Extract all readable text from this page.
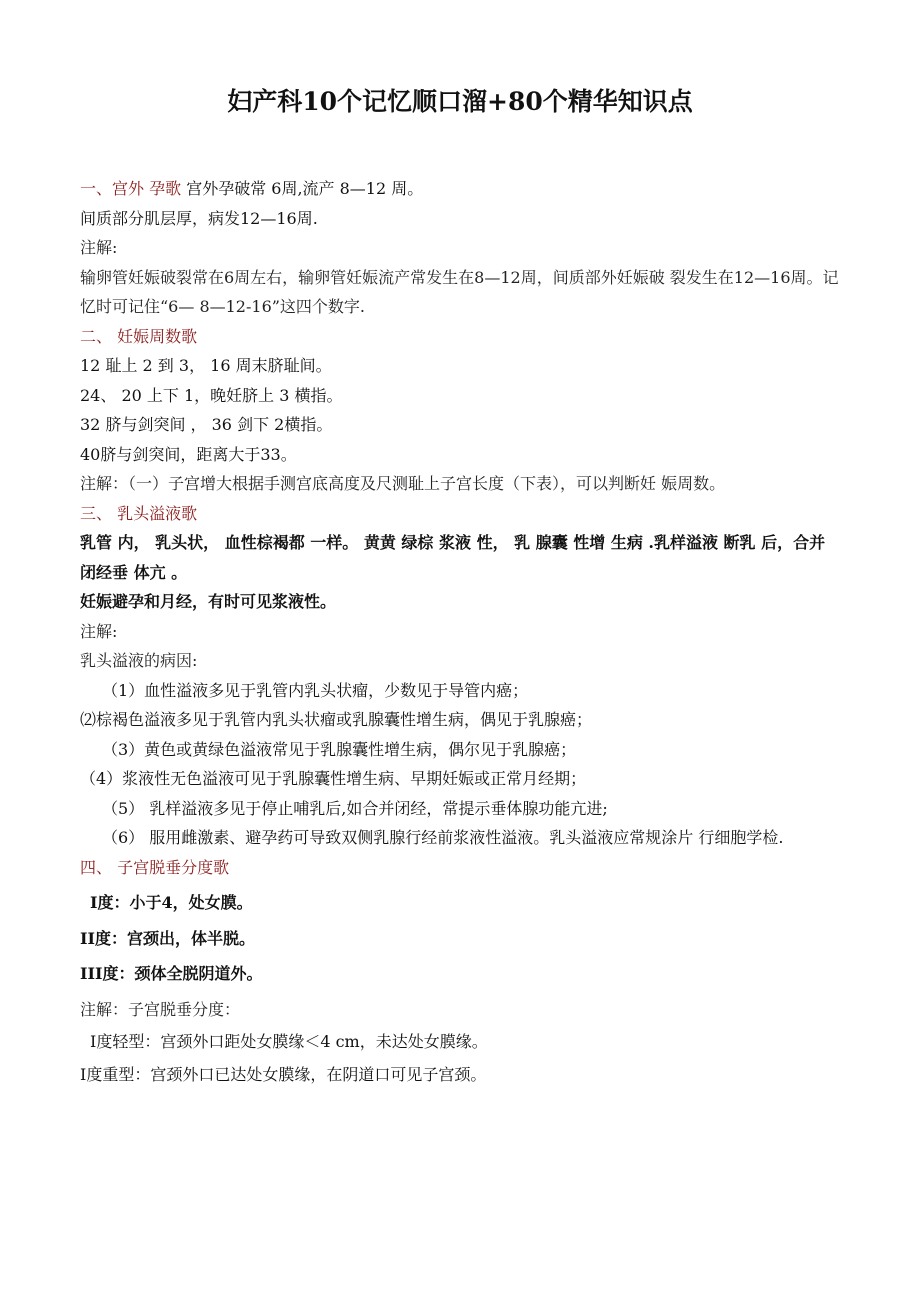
妇产科10个记忆顺口溜+80个精华知识点

一、宫外 孕歌 宫外孕破常 6周,流产 8—12 周。

间质部分肌层厚，病发12—16周.

注解:

输卵管妊娠破裂常在6周左右，输卵管妊娠流产常发生在8—12周，间质部外妊娠破 裂发生在12—16周。记忆时可记住“6— 8—12-16”这四个数字.

二、 妊娠周数歌

12 耻上 2 到 3， 16 周末脐耻间。

24、 20 上下 1，晚妊脐上 3 横指。

32 脐与剑突间 ， 36 剑下 2横指。

40脐与剑突间，距离大于33。

注解：（一）子宫增大根据手测宫底高度及尺测耻上子宫长度（下表），可以判断妊 娠周数。

三、 乳头溢液歌

乳管 内， 乳头状， 血性棕褐都 一样。 黄黄 绿棕 浆液 性， 乳 腺囊 性增 生病 .乳样溢液 断乳 后，合并闭经垂 体亢 。

妊娠避孕和月经，有时可见浆液性。

注解:

乳头溢液的病因:

（1）血性溢液多见于乳管内乳头状瘤，少数见于导管内癌；

⑵棕褐色溢液多见于乳管内乳头状瘤或乳腺囊性增生病，偶见于乳腺癌；

（3）黄色或黄绿色溢液常见于乳腺囊性增生病，偶尔见于乳腺癌；

（4）浆液性无色溢液可见于乳腺囊性增生病、早期妊娠或正常月经期；

（5） 乳样溢液多见于停止哺乳后,如合并闭经，常提示垂体腺功能亢进;

（6） 服用雌激素、避孕药可导致双侧乳腺行经前浆液性溢液。乳头溢液应常规涂片 行细胞学检.

四、 子宫脱垂分度歌

I度：小于4，处女膜。

II度：宫颈出，体半脱。

III度：颈体全脱阴道外。

注解：子宫脱垂分度：

I度轻型：宫颈外口距处女膜缘＜4 cm，未达处女膜缘。

I度重型：宫颈外口已达处女膜缘，在阴道口可见子宫颈。
